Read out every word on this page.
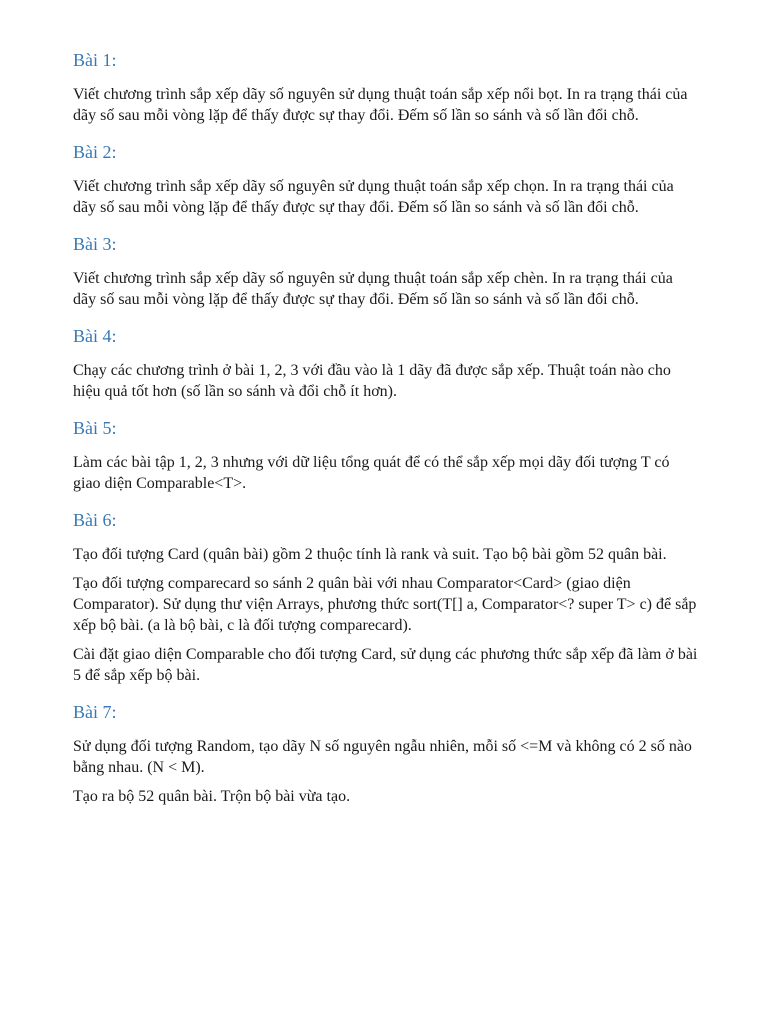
Bài 1:
Viết chương trình sắp xếp dãy số nguyên sử dụng thuật toán sắp xếp nổi bọt. In ra trạng thái của dãy số sau mỗi vòng lặp để thấy được sự thay đổi. Đếm số lần so sánh và số lần đổi chỗ.
Bài 2:
Viết chương trình sắp xếp dãy số nguyên sử dụng thuật toán sắp xếp chọn. In ra trạng thái của dãy số sau mỗi vòng lặp để thấy được sự thay đổi. Đếm số lần so sánh và số lần đổi chỗ.
Bài 3:
Viết chương trình sắp xếp dãy số nguyên sử dụng thuật toán sắp xếp chèn. In ra trạng thái của dãy số sau mỗi vòng lặp để thấy được sự thay đổi. Đếm số lần so sánh và số lần đổi chỗ.
Bài 4:
Chạy các chương trình ở bài 1, 2, 3 với đầu vào là 1 dãy đã được sắp xếp. Thuật toán nào cho hiệu quả tốt hơn (số lần so sánh và đổi chỗ ít hơn).
Bài 5:
Làm các bài tập 1, 2, 3 nhưng với dữ liệu tổng quát để có thể sắp xếp mọi dãy đối tượng T có giao diện Comparable<T>.
Bài 6:
Tạo đối tượng Card (quân bài) gồm 2 thuộc tính là rank và suit. Tạo bộ bài gồm 52 quân bài.
Tạo đối tượng comparecard so sánh 2 quân bài với nhau Comparator<Card> (giao diện Comparator). Sử dụng thư viện Arrays, phương thức sort(T[] a, Comparator<? super T> c) để sắp xếp bộ bài. (a là bộ bài, c là đối tượng comparecard).
Cài đặt giao diện Comparable cho đối tượng Card, sử dụng các phương thức sắp xếp đã làm ở bài 5 để sắp xếp bộ bài.
Bài 7:
Sử dụng đối tượng Random, tạo dãy N số nguyên ngẫu nhiên, mỗi số <=M và không có 2 số nào bằng nhau. (N < M).
Tạo ra bộ 52 quân bài. Trộn bộ bài vừa tạo.
